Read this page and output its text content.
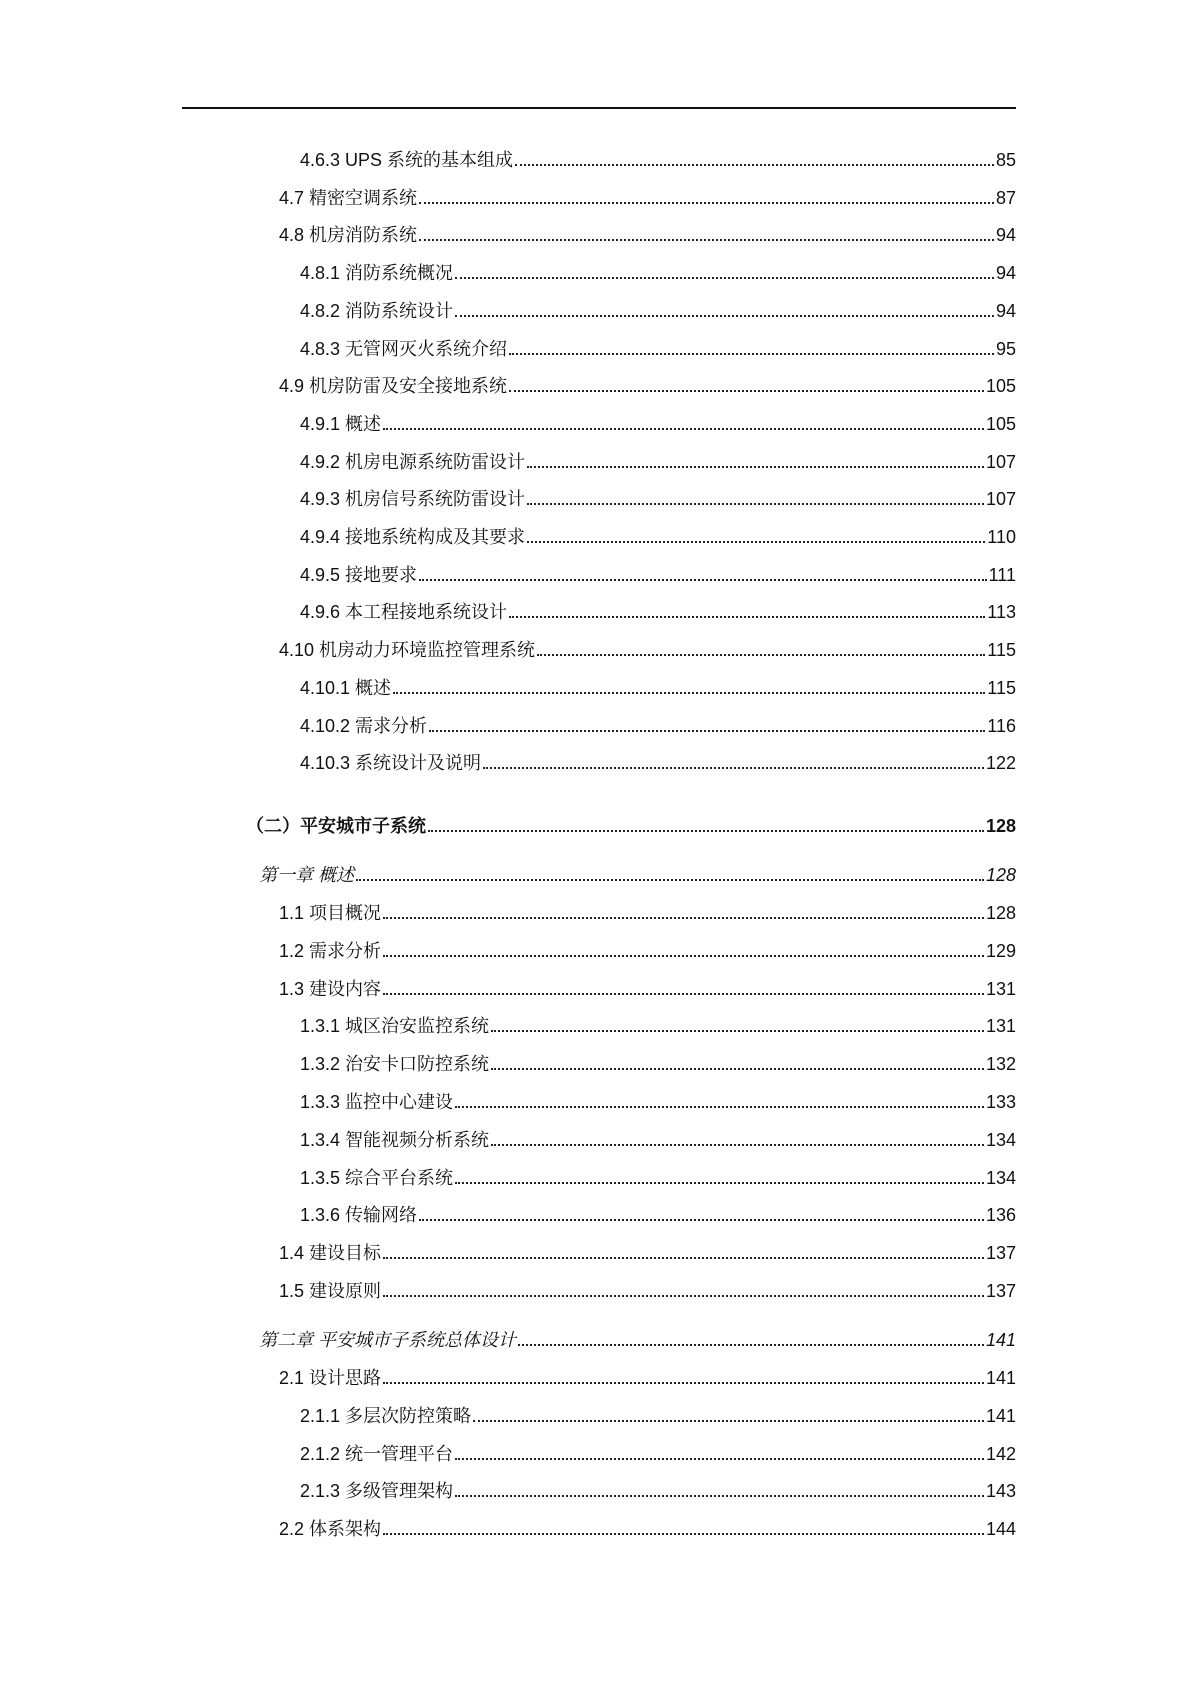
4.6.3 UPS 系统的基本组成	85
4.7 精密空调系统	87
4.8 机房消防系统	94
4.8.1 消防系统概况	94
4.8.2 消防系统设计	94
4.8.3 无管网灭火系统介绍	95
4.9 机房防雷及安全接地系统	105
4.9.1 概述	105
4.9.2 机房电源系统防雷设计	107
4.9.3 机房信号系统防雷设计	107
4.9.4 接地系统构成及其要求	110
4.9.5 接地要求	111
4.9.6 本工程接地系统设计	113
4.10 机房动力环境监控管理系统	115
4.10.1 概述	115
4.10.2 需求分析	116
4.10.3 系统设计及说明	122
（二）平安城市子系统	128
第一章 概述	128
1.1 项目概况	128
1.2 需求分析	129
1.3 建设内容	131
1.3.1 城区治安监控系统	131
1.3.2 治安卡口防控系统	132
1.3.3 监控中心建设	133
1.3.4 智能视频分析系统	134
1.3.5 综合平台系统	134
1.3.6 传输网络	136
1.4 建设目标	137
1.5 建设原则	137
第二章 平安城市子系统总体设计	141
2.1 设计思路	141
2.1.1 多层次防控策略	141
2.1.2 统一管理平台	142
2.1.3 多级管理架构	143
2.2 体系架构	144
